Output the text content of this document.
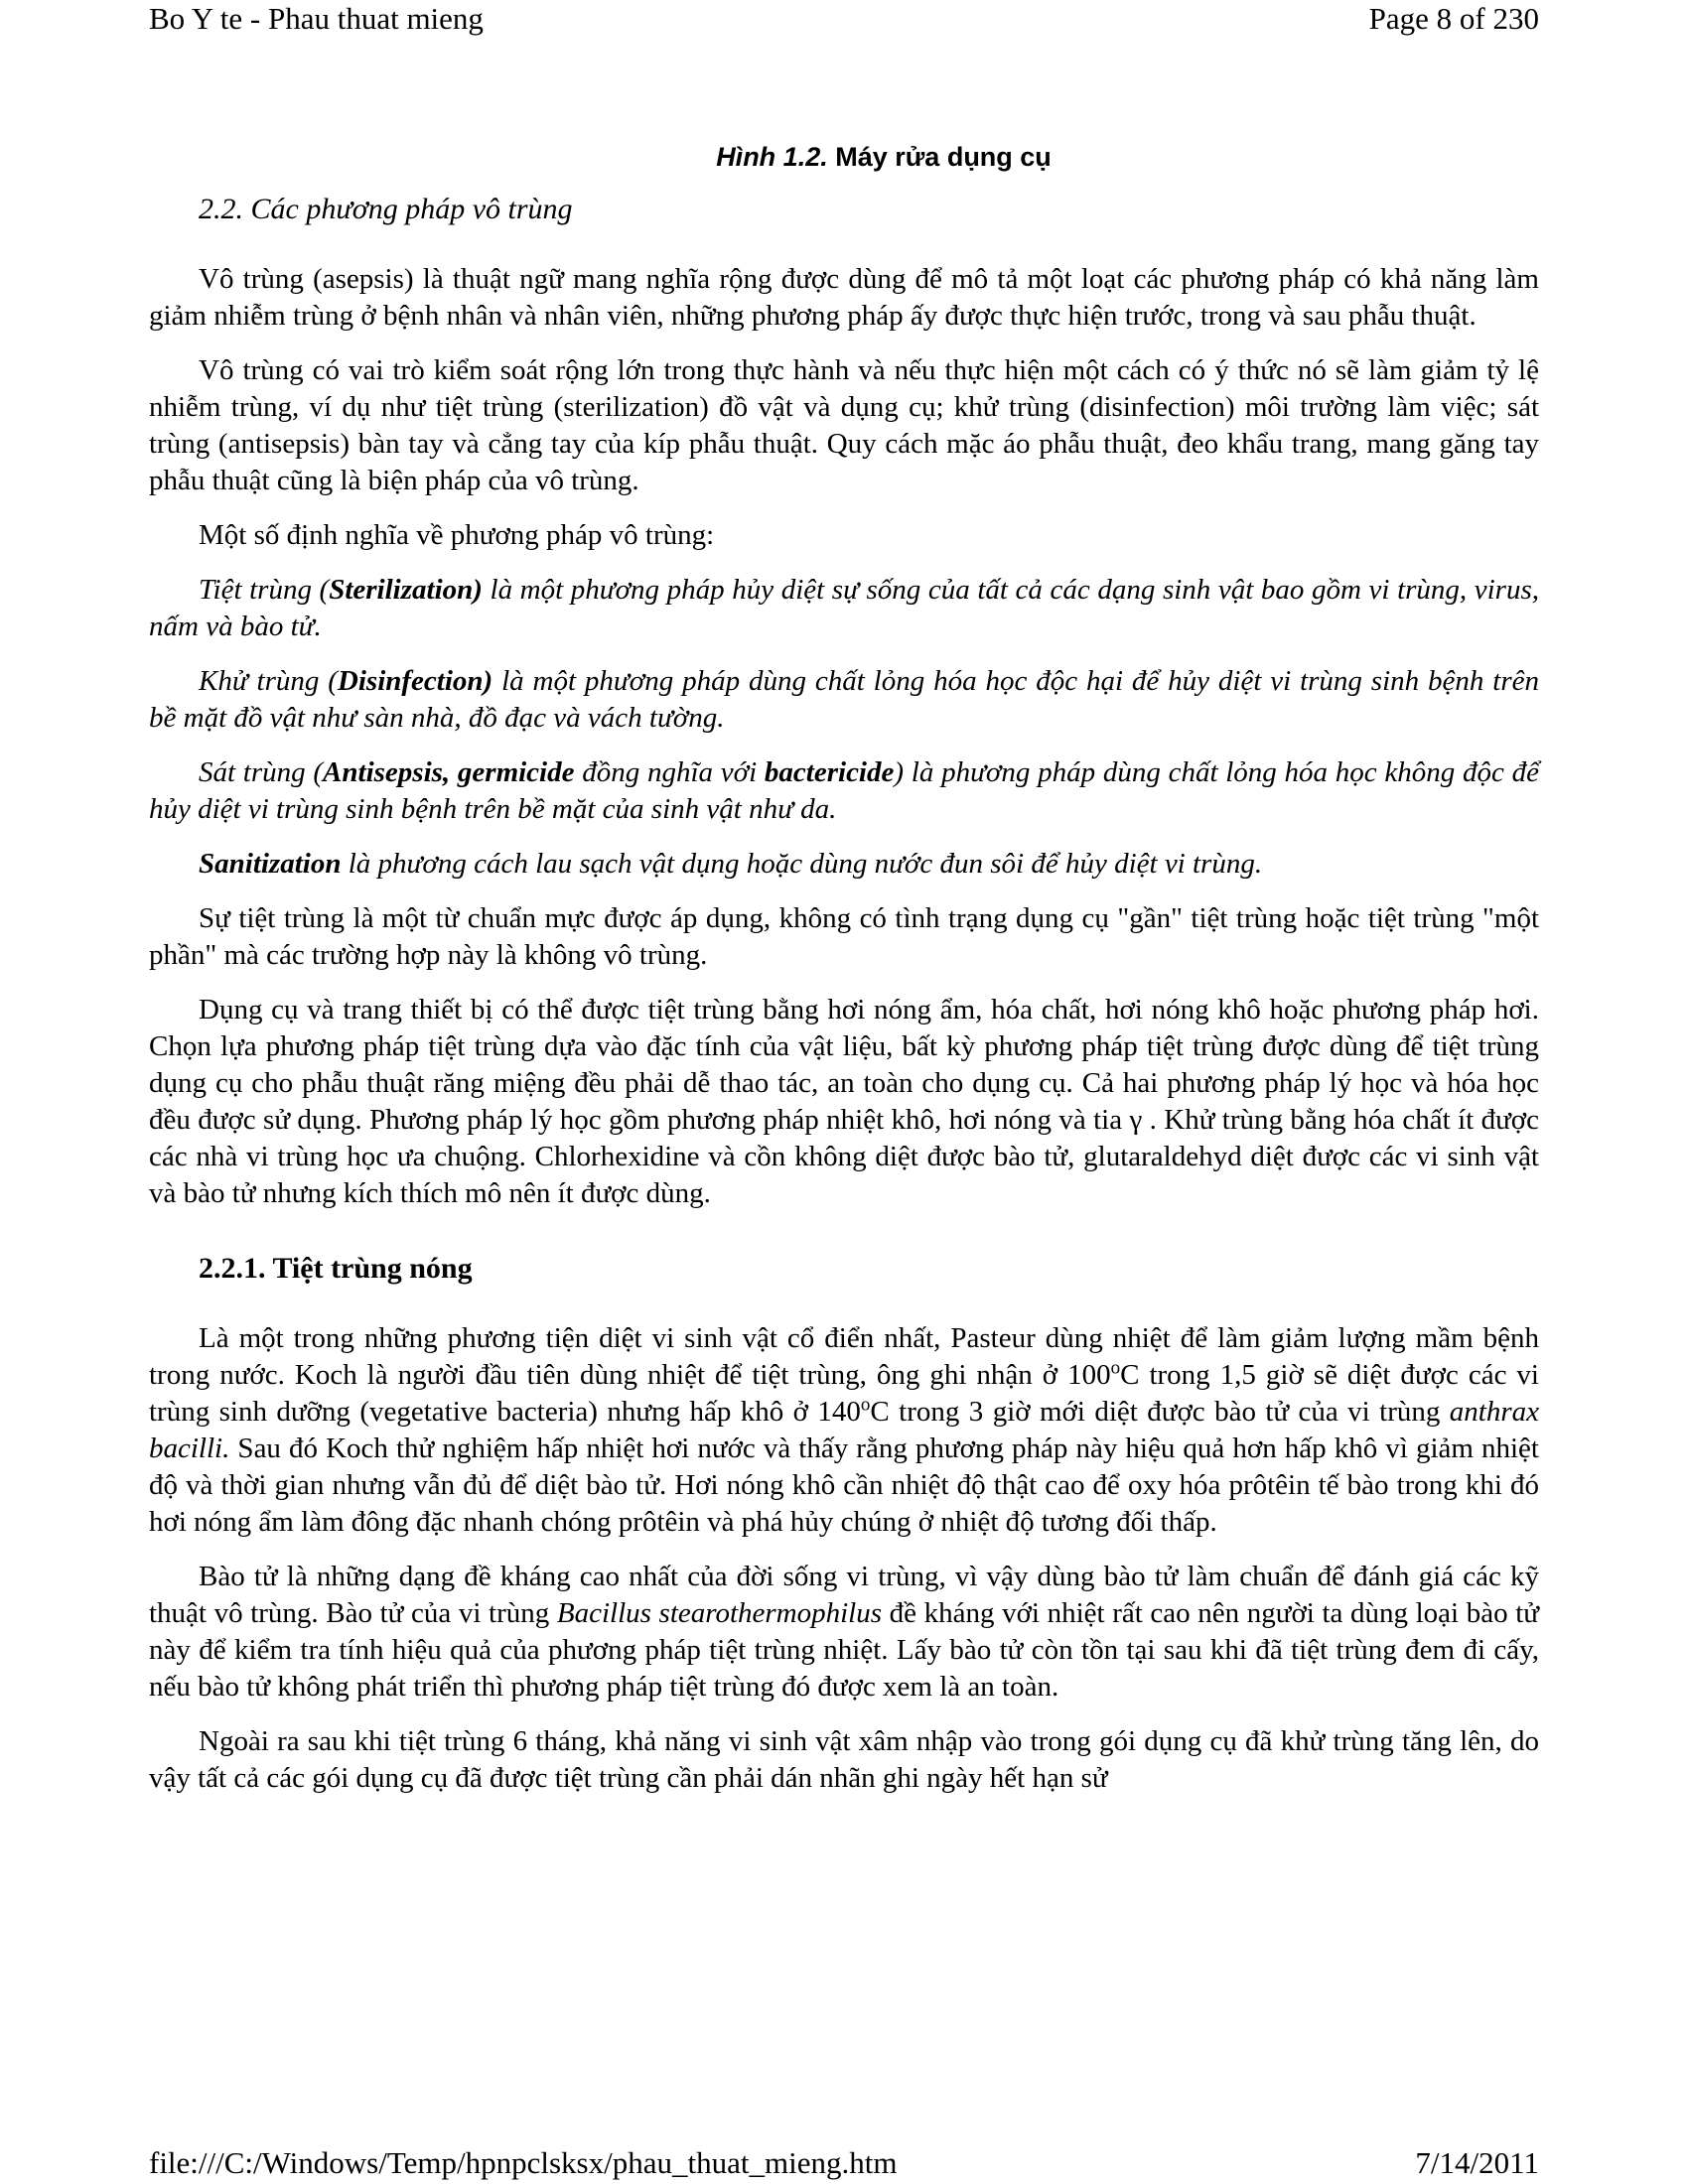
Bo Y te - Phau thuat mieng	Page 8 of 230
Hình 1.2. Máy rửa dụng cụ
2.2. Các phương pháp vô trùng

Vô trùng (asepsis) là thuật ngữ mang nghĩa rộng được dùng để mô tả một loạt các phương pháp có khả năng làm giảm nhiễm trùng ở bệnh nhân và nhân viên, những phương pháp ấy được thực hiện trước, trong và sau phẫu thuật.

Vô trùng có vai trò kiểm soát rộng lớn trong thực hành và nếu thực hiện một cách có ý thức nó sẽ làm giảm tỷ lệ nhiễm trùng, ví dụ như tiệt trùng (sterilization) đồ vật và dụng cụ; khử trùng (disinfection) môi trường làm việc; sát trùng (antisepsis) bàn tay và cẳng tay của kíp phẫu thuật. Quy cách mặc áo phẫu thuật, đeo khẩu trang, mang găng tay phẫu thuật cũng là biện pháp của vô trùng.

Một số định nghĩa về phương pháp vô trùng:

Tiệt trùng (Sterilization) là một phương pháp hủy diệt sự sống của tất cả các dạng sinh vật bao gồm vi trùng, virus, nấm và bào tử.

Khử trùng (Disinfection) là một phương pháp dùng chất lỏng hóa học độc hại để hủy diệt vi trùng sinh bệnh trên bề mặt đồ vật như sàn nhà, đồ đạc và vách tường.

Sát trùng (Antisepsis, germicide đồng nghĩa với bactericide) là phương pháp dùng chất lỏng hóa học không độc để hủy diệt vi trùng sinh bệnh trên bề mặt của sinh vật như da.

Sanitization là phương cách lau sạch vật dụng hoặc dùng nước đun sôi để hủy diệt vi trùng.

Sự tiệt trùng là một từ chuẩn mực được áp dụng, không có tình trạng dụng cụ "gần" tiệt trùng hoặc tiệt trùng "một phần" mà các trường hợp này là không vô trùng.

Dụng cụ và trang thiết bị có thể được tiệt trùng bằng hơi nóng ẩm, hóa chất, hơi nóng khô hoặc phương pháp hơi. Chọn lựa phương pháp tiệt trùng dựa vào đặc tính của vật liệu, bất kỳ phương pháp tiệt trùng được dùng để tiệt trùng dụng cụ cho phẫu thuật răng miệng đều phải dễ thao tác, an toàn cho dụng cụ. Cả hai phương pháp lý học và hóa học đều được sử dụng. Phương pháp lý học gồm phương pháp nhiệt khô, hơi nóng và tia γ . Khử trùng bằng hóa chất ít được các nhà vi trùng học ưa chuộng. Chlorhexidine và cồn không diệt được bào tử, glutaraldehyd diệt được các vi sinh vật và bào tử nhưng kích thích mô nên ít được dùng.

2.2.1. Tiệt trùng nóng

Là một trong những phương tiện diệt vi sinh vật cổ điển nhất, Pasteur dùng nhiệt để làm giảm lượng mầm bệnh trong nước. Koch là người đầu tiên dùng nhiệt để tiệt trùng, ông ghi nhận ở 100$^o$C trong 1,5 giờ sẽ diệt được các vi trùng sinh dưỡng (vegetative bacteria) nhưng hấp khô ở 140$^o$C trong 3 giờ mới diệt được bào tử của vi trùng anthrax bacilli. Sau đó Koch thử nghiệm hấp nhiệt hơi nước và thấy rằng phương pháp này hiệu quả hơn hấp khô vì giảm nhiệt độ và thời gian nhưng vẫn đủ để diệt bào tử. Hơi nóng khô cần nhiệt độ thật cao để oxy hóa prôtêin tế bào trong khi đó hơi nóng ẩm làm đông đặc nhanh chóng prôtêin và phá hủy chúng ở nhiệt độ tương đối thấp.

Bào tử là những dạng đề kháng cao nhất của đời sống vi trùng, vì vậy dùng bào tử làm chuẩn để đánh giá các kỹ thuật vô trùng. Bào tử của vi trùng Bacillus stearothermophilus đề kháng với nhiệt rất cao nên người ta dùng loại bào tử này để kiểm tra tính hiệu quả của phương pháp tiệt trùng nhiệt. Lấy bào tử còn tồn tại sau khi đã tiệt trùng đem đi cấy, nếu bào tử không phát triển thì phương pháp tiệt trùng đó được xem là an toàn.

Ngoài ra sau khi tiệt trùng 6 tháng, khả năng vi sinh vật xâm nhập vào trong gói dụng cụ đã khử trùng tăng lên, do vậy tất cả các gói dụng cụ đã được tiệt trùng cần phải dán nhãn ghi ngày hết hạn sử

file:///C:/Windows/Temp/hpnpclsksx/phau_thuat_mieng.htm	7/14/2011
